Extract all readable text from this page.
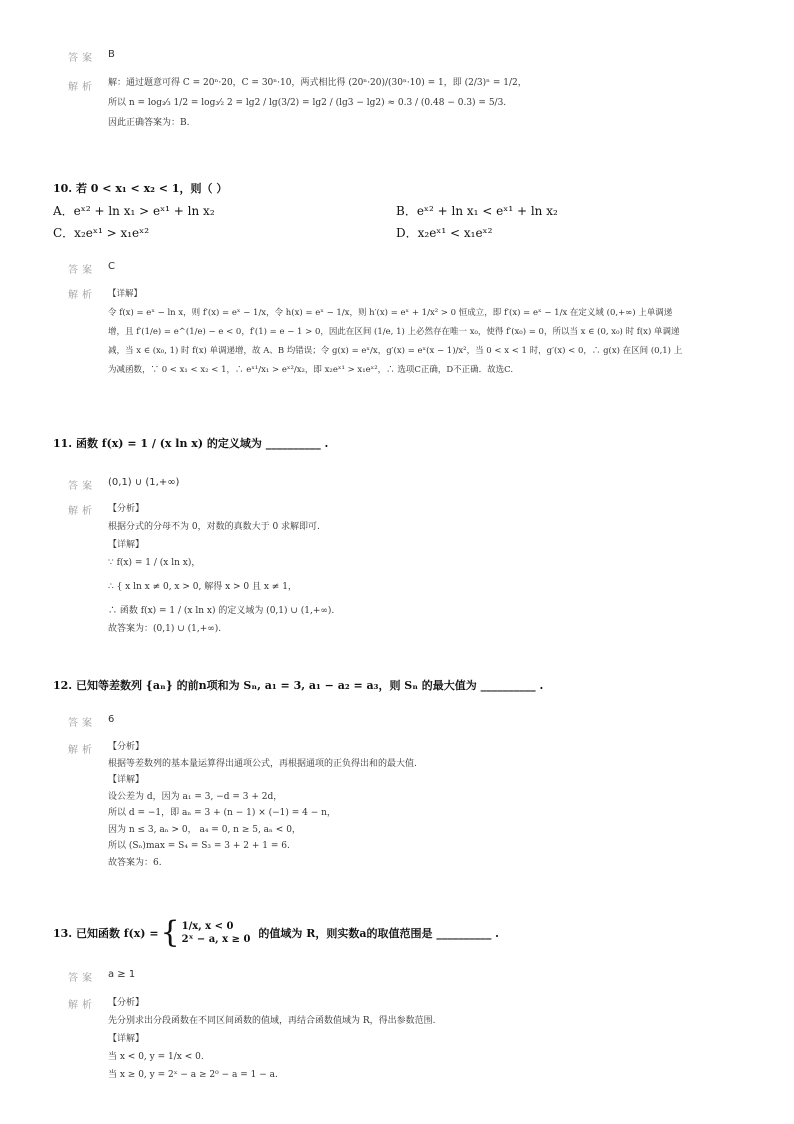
答案 B
解析 解：通过题意可得 C = 20ⁿ·20，C = 30ⁿ·10，两式相比得 (20ⁿ·20)/(30ⁿ·10) = 1，即 (2/3)ⁿ = 1/2，
所以 n = log₂⁄₃ 1/2 = log₃⁄₂ 2 = lg2 / lg(3/2) = lg2 / (lg3 − lg2) ≈ 0.3 / (0.48 − 0.3) = 5/3.
因此正确答案为：B.
10. 若 0 < x₁ < x₂ < 1，则（ ）
A．eˣ² + ln x₁ > eˣ¹ + ln x₂	B．eˣ² + ln x₁ < eˣ¹ + ln x₂
C．x₂eˣ¹ > x₁eˣ²	D．x₂eˣ¹ < x₁eˣ²
答案 C
解析 【详解】
令 f(x) = eˣ − ln x，则 f′(x) = eˣ − 1/x，令 h(x) = eˣ − 1/x，则 h′(x) = eˣ + 1/x² > 0 恒成立，即 f′(x) = eˣ − 1/x 在定义域 (0,+∞) 上单调递
增，且 f′(1/e) = e^(1/e) − e < 0，f′(1) = e − 1 > 0，因此在区间 (1/e, 1) 上必然存在唯一 x₀，使得 f′(x₀) = 0，所以当 x ∈ (0, x₀) 时 f(x) 单调递
减，当 x ∈ (x₀, 1) 时 f(x) 单调递增，故 A、B 均错误；令 g(x) = eˣ/x，g′(x) = eˣ(x − 1)/x²，当 0 < x < 1 时，g′(x) < 0，∴ g(x) 在区间 (0,1) 上
为减函数，∵ 0 < x₁ < x₂ < 1，∴ eˣ¹/x₁ > eˣ²/x₂，即 x₂eˣ¹ > x₁eˣ²，∴ 选项C正确，D不正确．故选C.
11. 函数 f(x) = 1 / (x ln x) 的定义域为 __________ .
答案 (0,1) ∪ (1,+∞)
解析 【分析】
根据分式的分母不为 0，对数的真数大于 0 求解即可.
【详解】
∵ f(x) = 1 / (x ln x)，
∴ { x ln x ≠ 0, x > 0, 解得 x > 0 且 x ≠ 1，
∴ 函数 f(x) = 1 / (x ln x) 的定义域为 (0,1) ∪ (1,+∞).
故答案为：(0,1) ∪ (1,+∞).
12. 已知等差数列 {aₙ} 的前n项和为 Sₙ, a₁ = 3, a₁ − a₂ = a₃，则 Sₙ 的最大值为 __________ .
答案 6
解析 【分析】
根据等差数列的基本量运算得出通项公式，再根据通项的正负得出和的最大值.
【详解】
设公差为 d，因为 a₁ = 3, −d = 3 + 2d，
所以 d = −1，即 aₙ = 3 + (n − 1) × (−1) = 4 − n，
因为 n ≤ 3, aₙ > 0， a₄ = 0, n ≥ 5, aₙ < 0，
所以 (Sₙ)max = S₄ = S₃ = 3 + 2 + 1 = 6.
故答案为：6.
13. 已知函数 f(x) = { 1/x, x < 0
2ˣ − a, x ≥ 0 的值域为 R，则实数a的取值范围是 __________ .
答案 a ≥ 1
解析 【分析】
先分别求出分段函数在不同区间函数的值域，再结合函数值域为 R，得出参数范围.
【详解】
当 x < 0, y = 1/x < 0.
当 x ≥ 0, y = 2ˣ − a ≥ 2⁰ − a = 1 − a.
